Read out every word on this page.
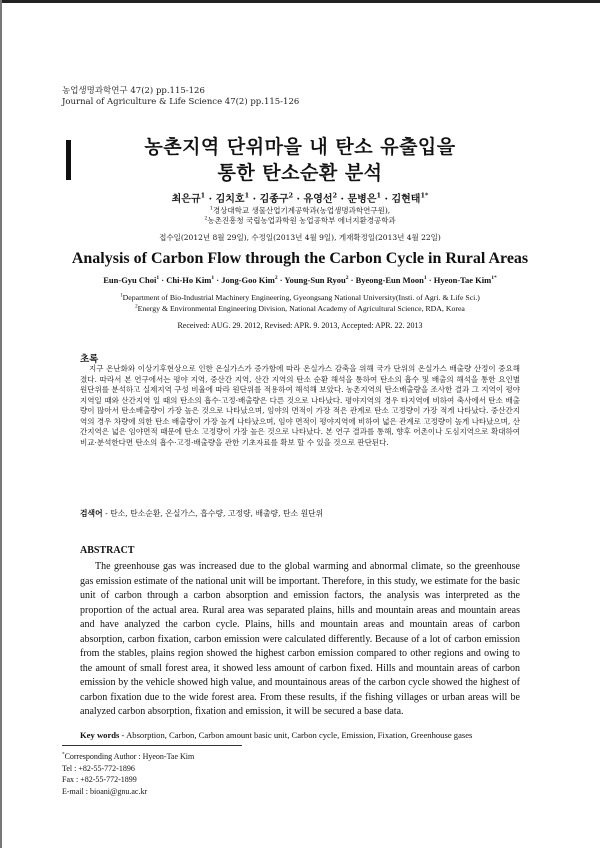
농업생명과학연구 47(2) pp.115-126
Journal of Agriculture & Life Science 47(2) pp.115-126
농촌지역 단위마을 내 탄소 유출입을
통한 탄소순환 분석
최은규$^1$ · 김치호$^1$ · 김종구$^2$ · 유영선$^2$ · 문병은$^1$ · 김현태$^{1*}$
$^1$경상대학교 생물산업기계공학과(농업생명과학연구원),
$^2$농촌진흥청 국립농업과학원 농업공학부 에너지환경공학과
접수일(2012년 8월 29일), 수정일(2013년 4월 9일), 게재확정일(2013년 4월 22일)
Analysis of Carbon Flow through the Carbon Cycle in Rural Areas
Eun-Gyu Choi$^1$ · Chi-Ho Kim$^1$ · Jong-Goo Kim$^2$ · Young-Sun Ryou$^2$ · Byeong-Eun Moon$^1$ · Hyeon-Tae Kim$^{1*}$
$^1$Department of Bio-Industrial Machinery Engineering, Gyeongsang National University(Insti. of Agri. & Life Sci.)
$^2$Energy & Environmental Engineering Division, National Academy of Agricultural Science, RDA, Korea
Received: AUG. 29. 2012, Revised: APR. 9. 2013, Accepted: APR. 22. 2013
초록
지구 온난화와 이상기후현상으로 인한 온실가스가 증가함에 따라 온실가스 감축을 위해 국가 단위의 온실가스 배출량 산정이 중요해졌다. 따라서 본 연구에서는 평야 지역, 중산간 지역, 산간 지역의 탄소 순환 해석을 통하여 탄소의 흡수 및 배출의 해석을 통한 요인별 원단위를 분석하고 실제지역 구성 비율에 따라 원단위를 적용하여 해석해 보았다. 농촌지역의 탄소배출량을 조사한 결과 그 지역이 평야지역일 때와 산간지역 일 때의 탄소의 흡수·고정·배출량은 다른 것으로 나타났다. 평야지역의 경우 타지역에 비하여 축사에서 탄소 배출량이 많아서 탄소배출량이 가장 높은 것으로 나타났으며, 임야의 면적이 가장 적은 관계로 탄소 고정량이 가장 적게 나타났다. 중산간지역의 경우 차량에 의한 탄소 배출량이 가장 높게 나타났으며, 임야 면적이 평야지역에 비하여 넓은 관계로 고정량이 높게 나타났으며, 산간지역은 넓은 임야면적 때문에 탄소 고정량이 가장 높은 것으로 나타났다. 본 연구 결과를 통해, 향후 어촌이나 도심지역으로 확대하여 비교·분석한다면 탄소의 흡수·고정·배출량을 관한 기초자료를 확보 할 수 있을 것으로 판단된다.
검색어 - 탄소, 탄소순환, 온실가스, 흡수량, 고정량, 배출량, 탄소 원단위
ABSTRACT
The greenhouse gas was increased due to the global warming and abnormal climate, so the greenhouse gas emission estimate of the national unit will be important. Therefore, in this study, we estimate for the basic unit of carbon through a carbon absorption and emission factors, the analysis was interpreted as the proportion of the actual area. Rural area was separated plains, hills and mountain areas and mountain areas and have analyzed the carbon cycle. Plains, hills and mountain areas and mountain areas of carbon absorption, carbon fixation, carbon emission were calculated differently. Because of a lot of carbon emission from the stables, plains region showed the highest carbon emission compared to other regions and owing to the amount of small forest area, it showed less amount of carbon fixed. Hills and mountain areas of carbon emission by the vehicle showed high value, and mountainous areas of the carbon cycle showed the highest of carbon fixation due to the wide forest area. From these results, if the fishing villages or urban areas will be analyzed carbon absorption, fixation and emission, it will be secured a base data.
Key words - Absorption, Carbon, Carbon amount basic unit, Carbon cycle, Emission, Fixation, Greenhouse gases
*Corresponding Author : Hyeon-Tae Kim
Tel : +82-55-772-1896
Fax : +82-55-772-1899
E-mail : bioani@gnu.ac.kr
